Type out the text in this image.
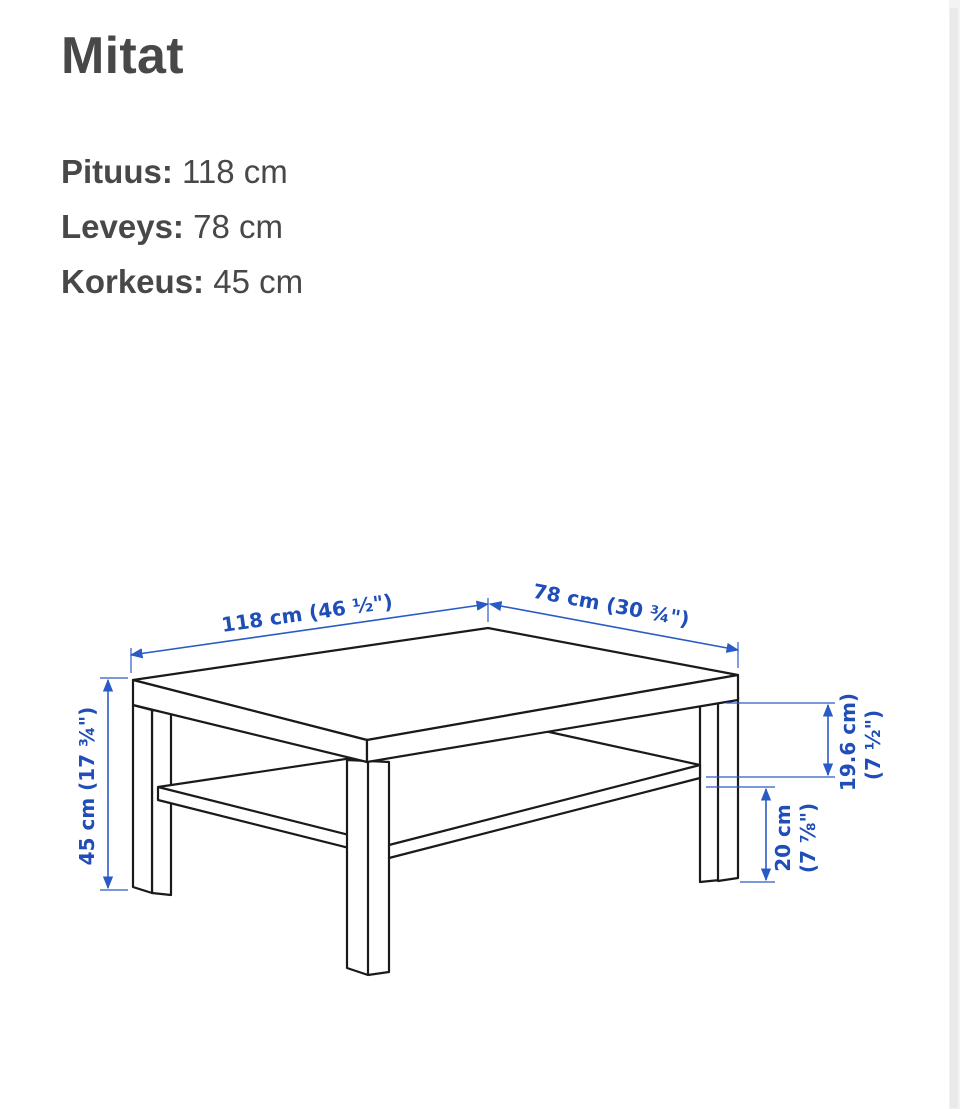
Mitat
Pituus: 118 cm
Leveys: 78 cm
Korkeus: 45 cm
118 cm (46 ½")	78 cm (30 ¾")
45 cm (17 ¾")	19.6 cm) (7 ½")
20 cm (7 ⅞")
